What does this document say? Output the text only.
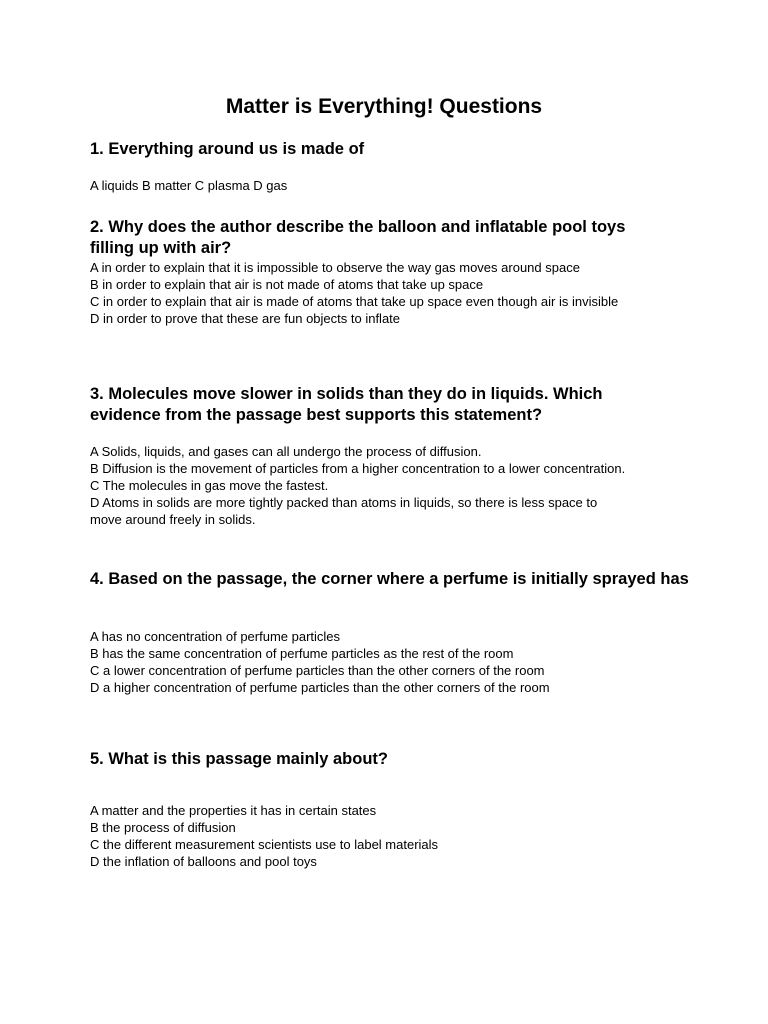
Matter is Everything! Questions

1. Everything around us is made of

A liquids B matter C plasma D gas

2. Why does the author describe the balloon and inflatable pool toys filling up with air?

A in order to explain that it is impossible to observe the way gas moves around space
B in order to explain that air is not made of atoms that take up space
C in order to explain that air is made of atoms that take up space even though air is invisible
D in order to prove that these are fun objects to inflate

3. Molecules move slower in solids than they do in liquids. Which evidence from the passage best supports this statement?

A Solids, liquids, and gases can all undergo the process of diffusion.
B Diffusion is the movement of particles from a higher concentration to a lower concentration.
C The molecules in gas move the fastest.
D Atoms in solids are more tightly packed than atoms in liquids, so there is less space to move around freely in solids.

4. Based on the passage, the corner where a perfume is initially sprayed has

A has no concentration of perfume particles
B has the same concentration of perfume particles as the rest of the room
C a lower concentration of perfume particles than the other corners of the room
D a higher concentration of perfume particles than the other corners of the room

5. What is this passage mainly about?

A matter and the properties it has in certain states
B the process of diffusion
C the different measurement scientists use to label materials
D the inflation of balloons and pool toys
